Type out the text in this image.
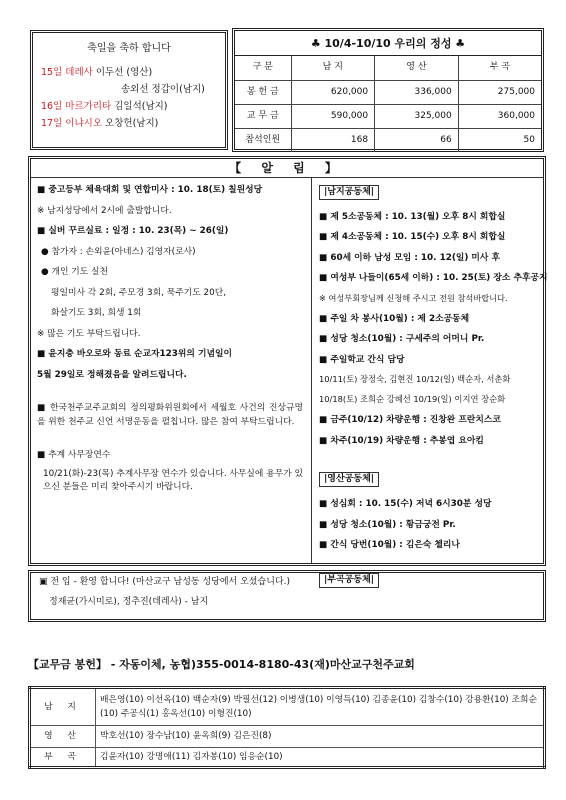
축일을 축하 합니다
15일 데레사 이두선 (영산)
송외선 정갑이(남지)
16일 마르가리타 김일석(남지)
17일 이냐시오 오창헌(남지)
♣ 10/4-10/10 우리의 정성 ♣
구 분	남 지	영 산	부 곡
봉 헌 금	620,000	336,000	275,000
교 무 금	590,000	325,000	360,000
참석인원	168	66	50
【 알 림 】
■ 중고등부 체육대회 및 연합미사 : 10. 18(토) 칠원성당
※ 남지성당에서 2시에 출발합니다.
■ 실버 꾸르실료 : 일정 : 10. 23(목) ~ 26(일)
● 참가자 : 손외윤(아네스) 김영자(로사)
● 개인 기도 실천
평일미사 각 2회, 주모경 3회, 묵주기도 20단,
화살기도 3회, 희생 1회
※ 많은 기도 부탁드립니다.
■ 윤지충 바오로와 동료 순교자123위의 기념일이
5월 29일로 정해졌음을 알려드립니다.
■ 한국천주교주교회의 정의평화위원회에서 세월호 사건의 진상규명을 위한 천주교 신언 서명운동을 펼칩니다. 많은 참여 부탁드립니다.
■ 추계 사무장연수
10/21(화)-23(목) 추계사무장 연수가 있습니다. 사무실에 용무가 있으신 분들은 미리 찾아주시기 바랍니다.
|남지공동체|
■ 제 5소공동체 : 10. 13(월) 오후 8시 회합실
■ 제 4소공동체 : 10. 15(수) 오후 8시 회합실
■ 60세 이하 남성 모임 : 10. 12(일) 미사 후
■ 여성부 나들이(65세 이하) : 10. 25(토) 장소 추후공지
※ 여성부회장님께 신청해 주시고 전원 참석바랍니다.
■ 주일 차 봉사(10월) : 제 2소공동체
■ 성당 청소(10월) : 구세주의 어머니 Pr.
■ 주일학교 간식 담당
10/11(토) 장정숙, 김현진 10/12(일) 백순자, 서춘화
10/18(토) 조희순 강혜선 10/19(일) 이지연 장순화
■ 금주(10/12) 차량운행 : 진창완 프란치스코
■ 차주(10/19) 차량운행 : 추봉엽 요아킴
|영산공동체|
■ 성심회 : 10. 15(수) 저녁 6시30분 성당
■ 성당 청소(10월) : 황금궁전 Pr.
■ 간식 당번(10월) : 김은숙 첼리나
|부곡공동체|
▣ 전 입 - 환영 합니다! (마산교구 남성동 성당에서 오셨습니다.)
정재균(가시미로), 정추진(데레사) - 남지
【교무금 봉헌】 - 자동이체, 농협)355-0014-8180-43(재)마산교구천주교회
남 지	배은영(10) 이선옥(10) 백순자(9) 박필선(12) 이병생(10) 이영득(10) 김종윤(10) 김창수(10) 강용환(10) 조희순(10) 주공식(1) 홍옥선(10) 이형진(10)
영 산	박호선(10) 장수남(10) 윤옥희(9) 김은진(8)
부 곡	김윤자(10) 강명애(11) 김자봉(10) 임응순(10)
